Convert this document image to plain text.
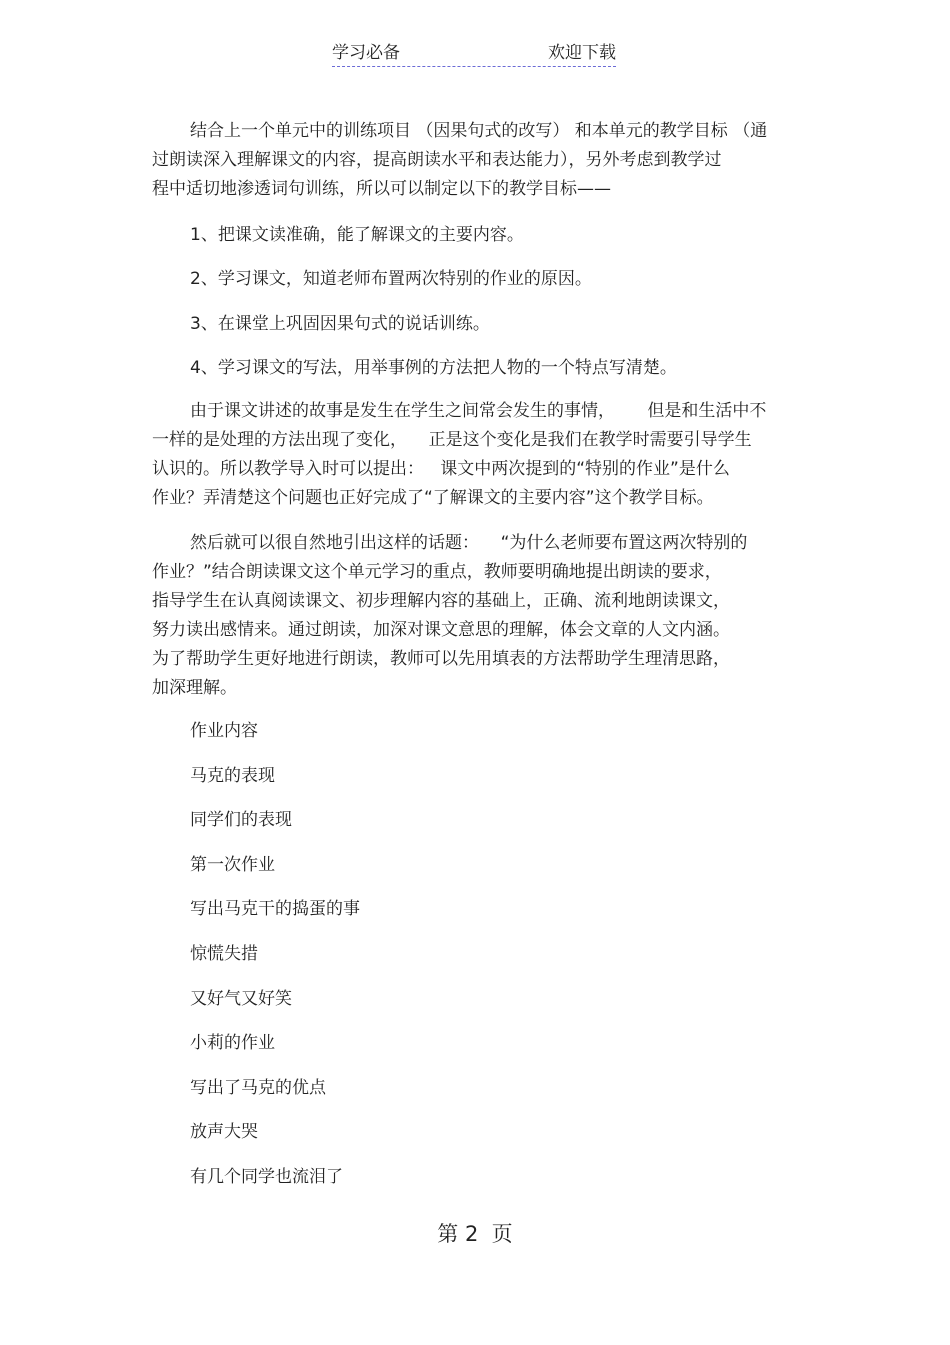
学习必备	欢迎下载
结合上一个单元中的训练项目 （因果句式的改写） 和本单元的教学目标 （通
过朗读深入理解课文的内容，提高朗读水平和表达能力），另外考虑到教学过
程中适切地渗透词句训练，所以可以制定以下的教学目标——
1、把课文读准确，能了解课文的主要内容。
2、学习课文，知道老师布置两次特别的作业的原因。
3、在课堂上巩固因果句式的说话训练。
4、学习课文的写法，用举事例的方法把人物的一个特点写清楚。
由于课文讲述的故事是发生在学生之间常会发生的事情，      但是和生活中不
一样的是处理的方法出现了变化，    正是这个变化是我们在教学时需要引导学生
认识的。所以教学导入时可以提出：   课文中两次提到的“特别的作业”是什么
作业？弄清楚这个问题也正好完成了“了解课文的主要内容”这个教学目标。
然后就可以很自然地引出这样的话题：    “为什么老师要布置这两次特别的
作业？”结合朗读课文这个单元学习的重点，教师要明确地提出朗读的要求，
指导学生在认真阅读课文、初步理解内容的基础上，正确、流利地朗读课文，
努力读出感情来。通过朗读，加深对课文意思的理解，体会文章的人文内涵。
为了帮助学生更好地进行朗读，教师可以先用填表的方法帮助学生理清思路，
加深理解。
作业内容
马克的表现
同学们的表现
第一次作业
写出马克干的捣蛋的事
惊慌失措
又好气又好笑
小莉的作业
写出了马克的优点
放声大哭
有几个同学也流泪了
第 2  页
